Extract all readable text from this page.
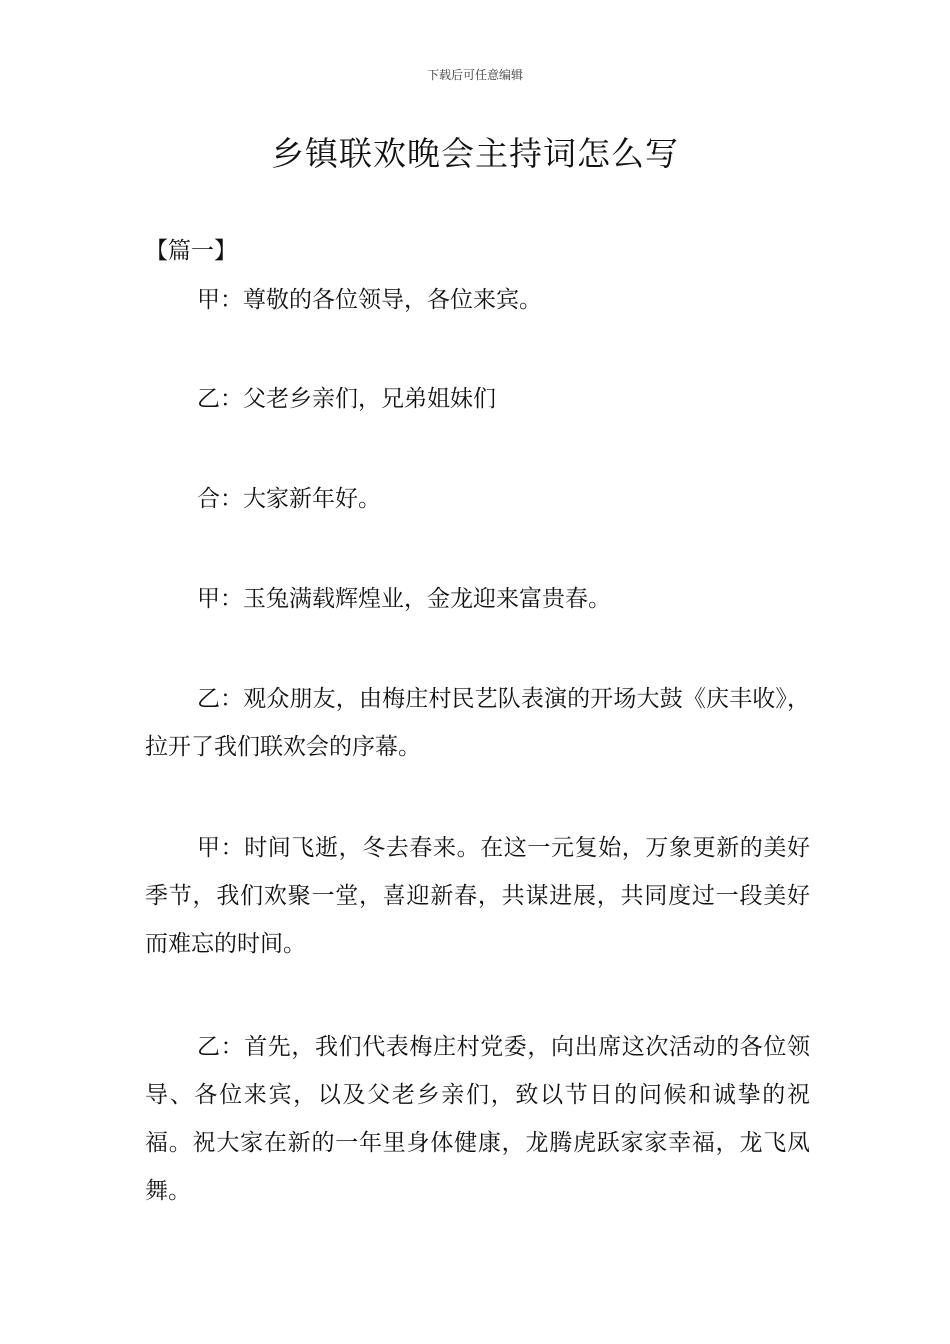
下载后可任意编辑
乡镇联欢晚会主持词怎么写
【篇一】

甲：尊敬的各位领导，各位来宾。

乙：父老乡亲们，兄弟姐妹们

合：大家新年好。

甲：玉兔满载辉煌业，金龙迎来富贵春。

乙：观众朋友，由梅庄村民艺队表演的开场大鼓《庆丰收》，拉开了我们联欢会的序幕。

甲：时间飞逝，冬去春来。在这一元复始，万象更新的美好季节，我们欢聚一堂，喜迎新春，共谋进展，共同度过一段美好而难忘的时间。

乙：首先，我们代表梅庄村党委，向出席这次活动的各位领导、各位来宾，以及父老乡亲们，致以节日的问候和诚挚的祝福。祝大家在新的一年里身体健康，龙腾虎跃家家幸福，龙飞凤舞。
